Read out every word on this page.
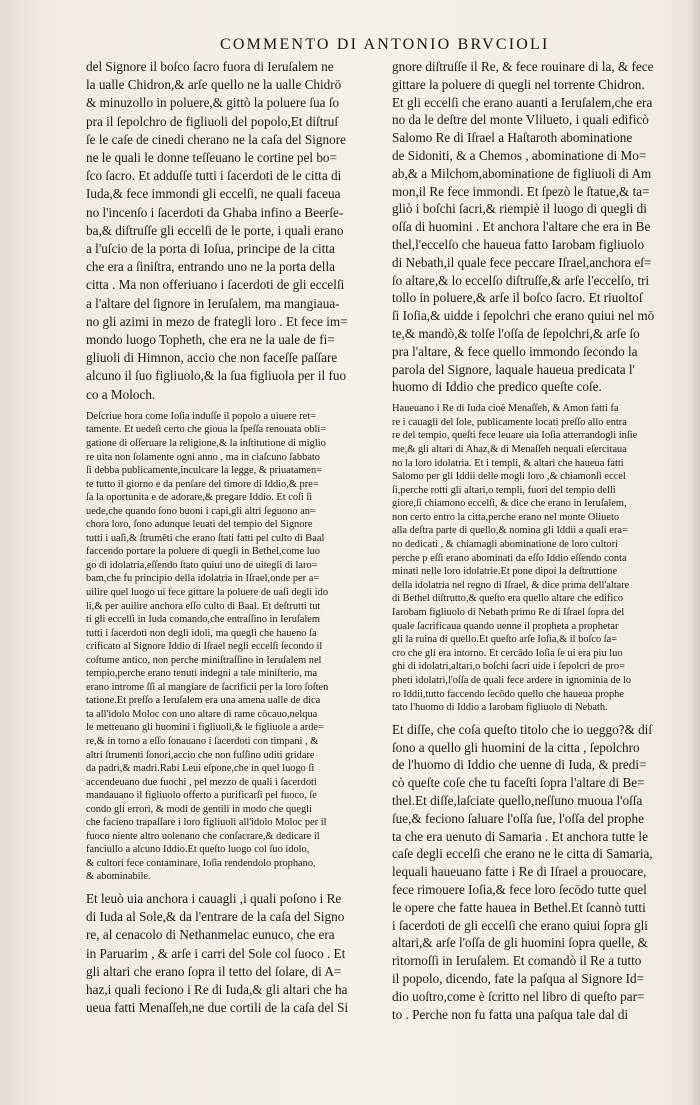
COMMENTO DI ANTONIO BRVCIOLI
del Signore il boſco ſacro fuora di Ieruſalem ne
la ualle Chidron,& arſe quello ne la ualle Chidrō
& minuzollo in poluere,& gittò la poluere ſua ſo
pra il ſepolchro de figliuoli del popolo,Et diſtruſ
ſe le caſe de cinedi cherano ne la caſa del Signore
ne le quali le donne teſſeuano le cortine pel bo=
ſco ſacro. Et adduſſe tutti i ſacerdoti de le citta di
Iuda,& fece immondi gli eccelſi, ne quali faceua
no l'incenſo i ſacerdoti da Ghaba infino a Beerſe-
ba,& diſtruſſe gli eccelſi de le porte, i quali erano
a l'uſcio de la porta di Ioſua, principe de la citta
che era a ſiniſtra, entrando uno ne la porta della
citta . Ma non offeriuano i ſacerdoti de gli eccelſi
a l'altare del ſignore in Ieruſalem, ma mangiaua-
no gli azimi in mezo de frategli loro . Et fece im=
mondo luogo Topheth, che era ne la uale de fi=
gliuoli di Himnon, accio che non faceſſe paſſare
alcuno il ſuo figliuolo,& la ſua figliuola per il fuo
co a Moloch.
Deſcriue hora come Ioſia induſſe il popolo a uiuere ret=
tamente. Et uedeſi certo che gioua la ſpeſſa renouata obli=
gatione di oſſeruare la religione,& la inſtitutione di miglio
re uita non ſolamente ogni anno , ma in ciaſcuno ſabbato
ſi debba publicamente,inculcare la legge, & priuatamen=
te tutto il giorno e da penſare del timore di Iddio,& pre=
ſa la oportunita e de adorare,& pregare Iddio. Et coſi ſi
uede,che quando ſono buoni i capi,gli altri ſeguono an=
chora loro, ſono adunque leuati del tempio del Signore
tutti i uaſi,& ſtrumēti che erano ſtati fatti pel culto di Baal
faccendo portare la poluere di quegli in Bethel,come luo
go di idolatria,eſſendo ſtato quiui uno de uitegli di laro=
bam,che fu principio della idolatria in Iſrael,onde per a=
uilire quel luogo ui fece gittare la poluere de uaſi degli ido
li,& per auilire anchora eſſo culto di Baal. Et deſtrutti tut
ti gli eccelſi in Iuda comando,che entraſſino in Ieruſalem
tutti i ſacerdoti non degli idoli, ma quegli che haueno ſa
crificato al Signore Iddio di Iſrael negli eccelſi ſecondo il
coſtume antico, non perche miniſtraſſino in Ieruſalem nel
tempio,perche erano tenuti indegni a tale miniſterio, ma
erano introme ſſi al mangiare de ſacrificii per la loro ſoſten
tatione.Et preſſo a Ieruſalem era una amena ualle de dica
ta all'idolo Moloc con uno altare di rame cōcauo,nelqua
le metteuano gli huomini i figliuoli,& le figliuole a arde=
re,& in torno a eſſo ſonauano i ſacerdoti con timpani , &
altri ſtrumenti ſonori,accio che non fuſſino uditi gridare
da padri,& madri.Rabi Leui eſpone,che in quel luogo ſi
accendeuano due fuochi , pel mezzo de quali i ſacerdoti
mandauano il figliuolo offerto a purificarſi pel fuoco, ſe
condo gli errori, & modi de gentili in modo che quegli
che facieno trapaſſare i loro figliuoli all'idolo Moloc per il
fuoco niente altro uolenano che conſacrare,& dedicare il
fanciullo a alcuno Iddio.Et queſto luogo col ſuo idolo,
& cultori fece contaminare, Ioſia rendendolo prophano,
& abominabile.
Et leuò uia anchora i cauagli ,i quali poſono i Re
di Iuda al Sole,& da l'entrare de la caſa del Signo
re, al cenacolo di Nethanmelac eunuco, che era
in Paruarim , & arſe i carri del Sole col ſuoco . Et
gli altari che erano ſopra il tetto del ſolare, di A=
haz,i quali feciono i Re di Iuda,& gli altari che ha
ueua fatti Menaſſeh,ne due cortili de la caſa del Si
gnore diſtruſſe il Re, & fece rouinare di la, & fece
gittare la poluere di quegli nel torrente Chidron.
Et gli eccelſi che erano auanti a Ieruſalem,che era
no da le deſtre del monte Vlilueto, i quali edificò
Salomo Re di Iſrael a Haſtaroth abominatione
de Sidoniti, & a Chemos , abominatione di Mo=
ab,& a Milchom,abominatione de figliuoli di Am
mon,il Re fece immondi. Et ſpezò le ſtatue,& ta=
gliò i boſchi ſacri,& riempiè il luogo di quegli di
oſſa di huomini . Et anchora l'altare che era in Be
thel,l'eccelſo che haueua fatto Iarobam figliuolo
di Nebath,il quale fece peccare Iſrael,anchora eſ=
ſo altare,& lo eccelſo diſtruſſe,& arſe l'eccelſo, tri
tollo in poluere,& arſe il boſco ſacro. Et riuoltoſ
ſi Ioſia,& uidde i ſepolchri che erano quiui nel mō
te,& mandò,& tolſe l'oſſa de ſepolchri,& arſe ſo
pra l'altare, & fece quello immondo ſecondo la
parola del Signore, laquale haueua predicata l'
huomo di Iddio che predico queſte coſe.
Haueuano i Re di Iuda cioè Menaſſeh, & Amon fatti fa
re i cauagli del ſole, publicamente locati preſſo allo entra
re del tempio, queſti fece leuare uia Ioſia atterrandogli inſie
me,& gli altari di Ahaz,& di Menaſſeh nequali eſercitaua
no la loro idolatria. Et i templi, & altari che haueua fatti
Salomo per gli Iddii delle mogli loro ,& chiamonſi eccel
ſi,perche rotti gli altari,o templi, fuori del tempio delli
giore,ſi chiamono eccelſi, & dice che erano in Ieruſalem,
non certo entro la citta,perche erano nel monte Oliueto
alla deſtra parte di quello,& nomina gli Iddii a quali era=
no dedicati , & chiamagli abominatione de loro cultori
perche p eſſi erano abominati da eſſo Iddio eſſendo conta
minati nelle loro idolatrie.Et pone dipoi la deſtruttione
della idolatria nel regno di Iſrael, & dice prima dell'altare
di Bethel diſtrutto,& queſto era quello altare che edifico
Iarobam figliuolo di Nebath primo Re di Iſrael ſopra del
quale ſacrificaua quando uenne il propheta a prophetar
gli la ruina di quello.Et queſto arſe Ioſia,& il boſco ſa=
cro che gli era intorno. Et cercādo Ioſia ſe ui era piu luo
ghi di idolatri,altari,o boſchi ſacri uide i ſepolcri de pro=
pheti idolatri,l'oſſa de quali fece ardere in ignominia de lo
ro Iddii,tutto faccendo ſecōdo quello che haueua prophe
tato l'huomo di Iddio a Iarobam figliuolo di Nebath.
Et diſſe, che coſa queſto titolo che io ueggo?& diſ
ſono a quello gli huomini de la citta , ſepolchro
de l'huomo di Iddio che uenne di Iuda, & predi=
cò queſte coſe che tu faceſti ſopra l'altare di Be=
thel.Et diſſe,laſciate quello,neſſuno muoua l'oſſa
ſue,& feciono ſaluare l'oſſa ſue, l'oſſa del prophe
ta che era uenuto di Samaria . Et anchora tutte le
caſe degli eccelſi che erano ne le citta di Samaria,
lequali haueuano fatte i Re di Iſrael a prouocare,
fece rimouere Ioſia,& fece loro ſecōdo tutte quel
le opere che fatte hauea in Bethel.Et ſcannò tutti
i ſacerdoti de gli eccelſi che erano quiui ſopra gli
altari,& arſe l'oſſa de gli huomini ſopra quelle, &
ritornoſſi in Ieruſalem. Et comandò il Re a tutto
il popolo, dicendo, fate la paſqua al Signore Id=
dio uoſtro,come è ſcritto nel libro di queſto par=
to . Perche non fu fatta una paſqua tale dal di
